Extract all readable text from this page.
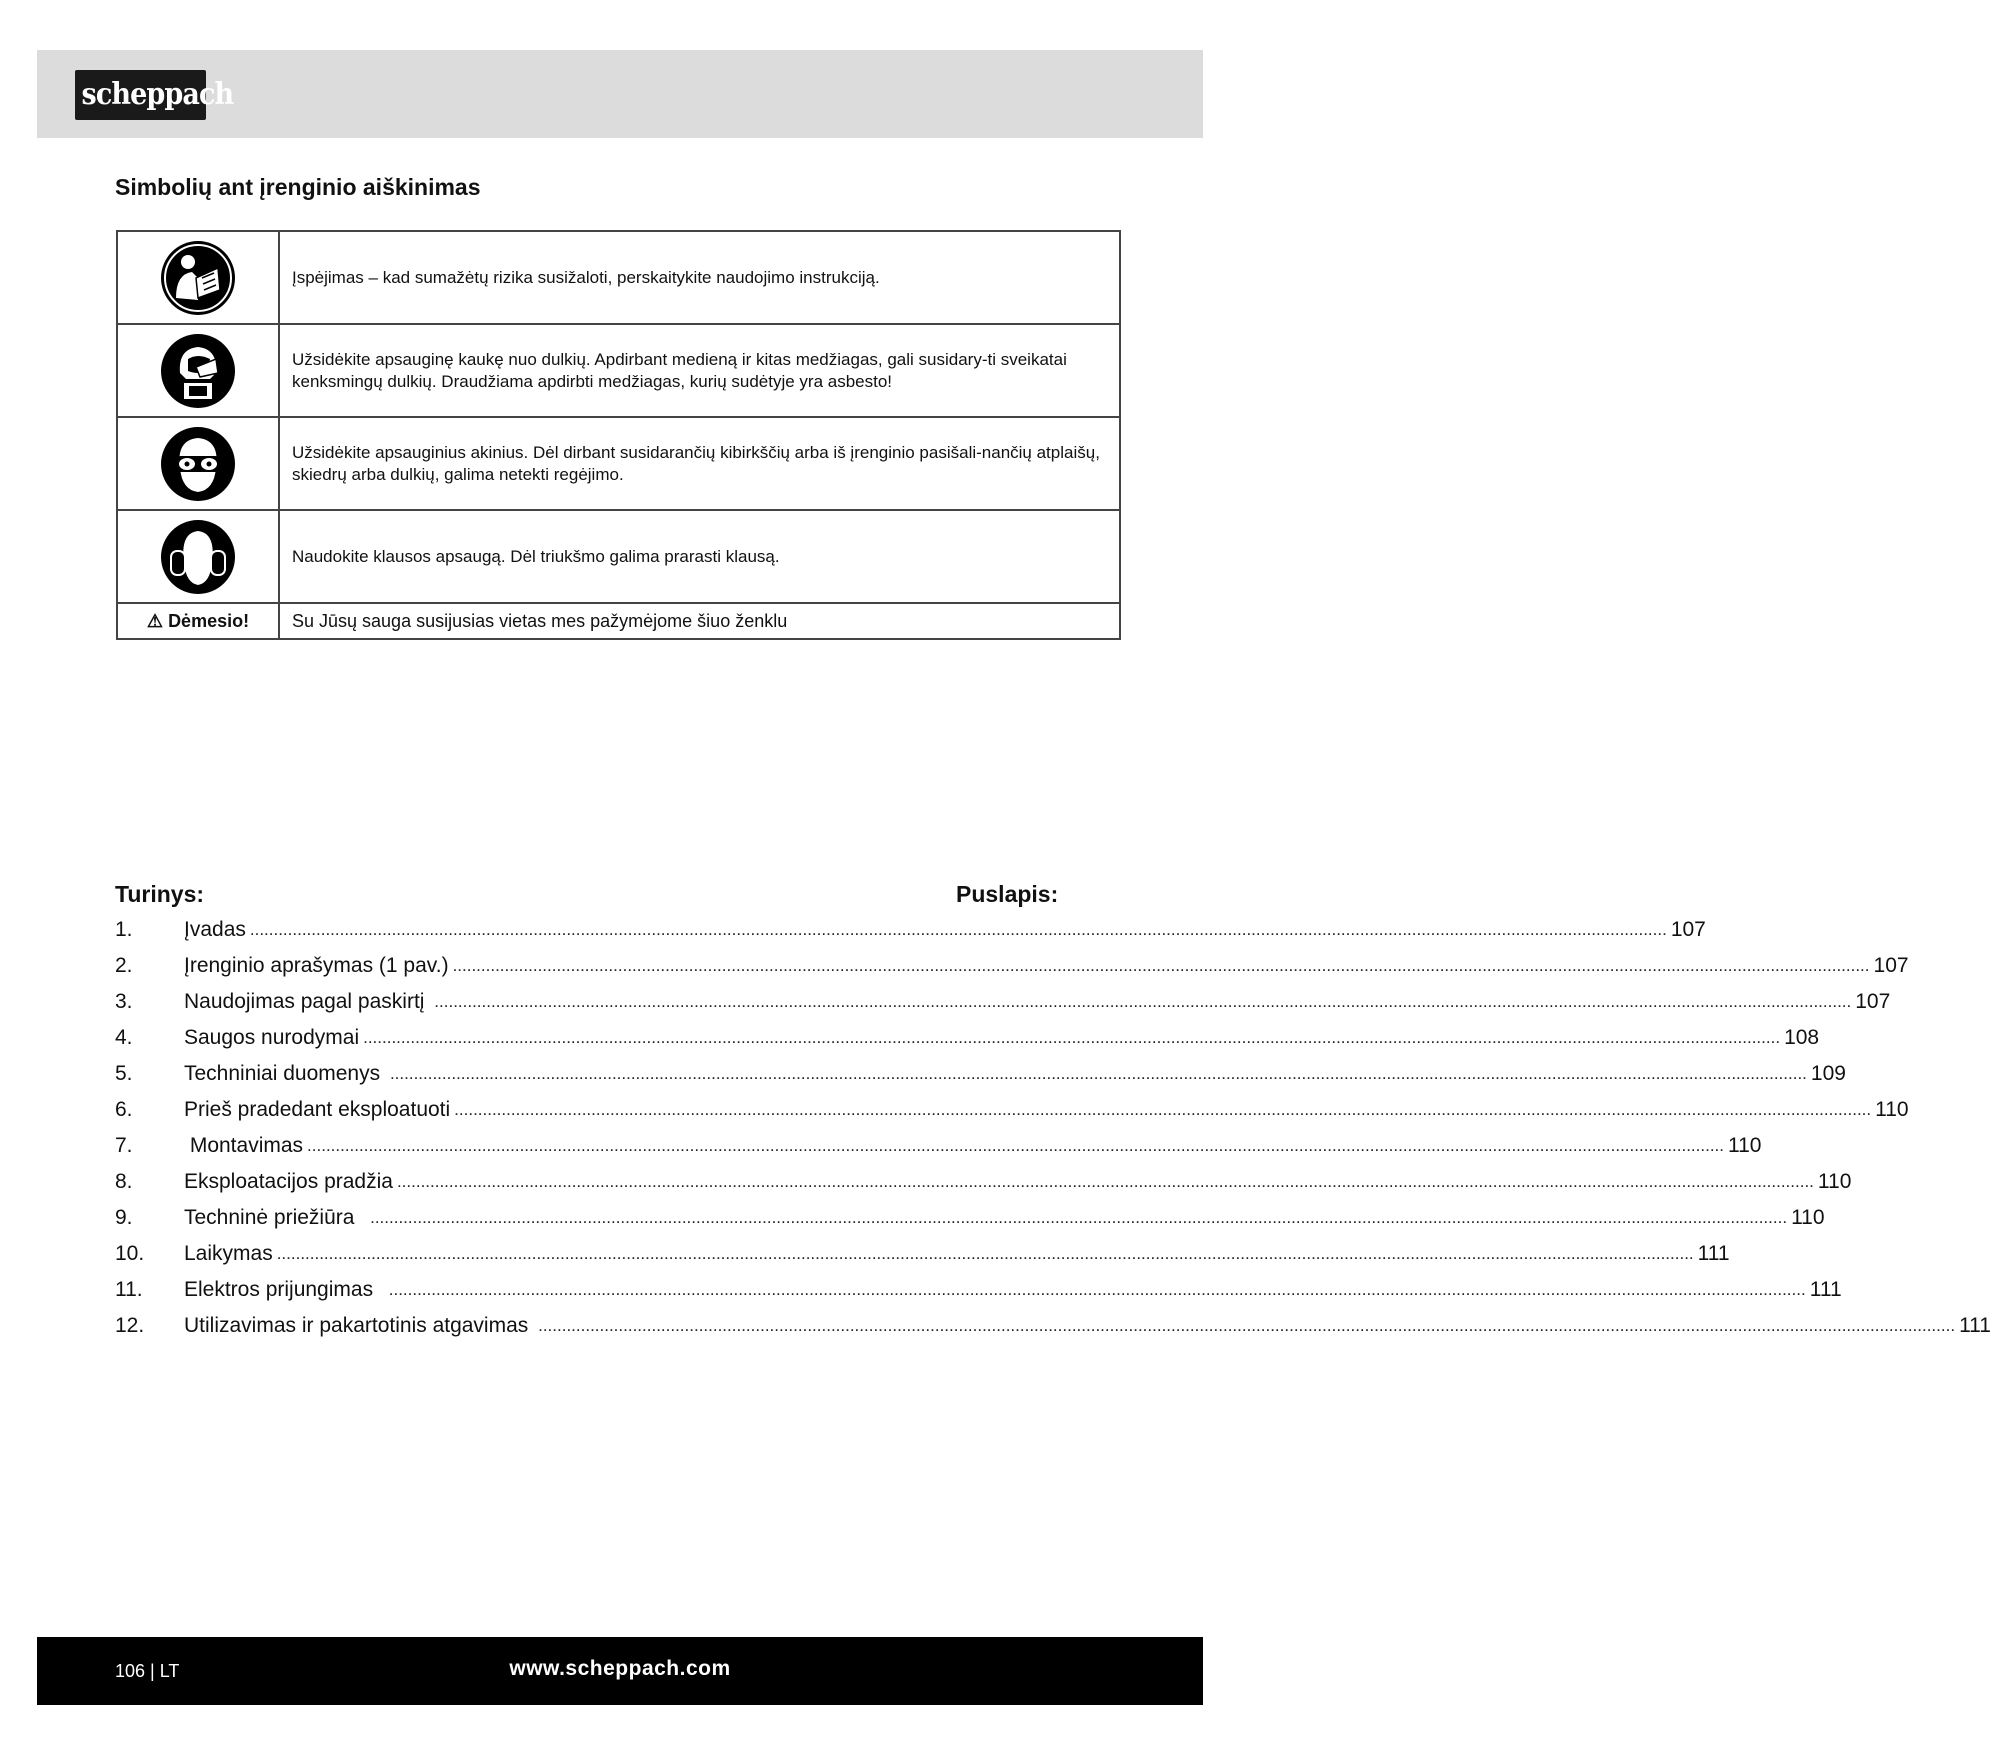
scheppach
Simbolių ant įrenginio aiškinimas
	Įspėjimas – kad sumažėtų rizika susižaloti, perskaitykite naudojimo instrukciją.
	Užsidėkite apsauginę kaukę nuo dulkių. Apdirbant medieną ir kitas medžiagas, gali susidary-ti sveikatai kenksmingų dulkių. Draudžiama apdirbti medžiagas, kurių sudėtyje yra asbesto!
	Užsidėkite apsauginius akinius. Dėl dirbant susidarančių kibirkščių arba iš įrenginio pasišali-nančių atplaišų, skiedrų arba dulkių, galima netekti regėjimo.
	Naudokite klausos apsaugą. Dėl triukšmo galima prarasti klausą.
⚠ Dėmesio!	Su Jūsų sauga susijusias vietas mes pažymėjome šiuo ženklu
Turinys:	Puslapis:
1.	Įvadas ............................................................................................................................................................................................................................................................................................................ 107
2.	Įrenginio aprašymas (1 pav.) ............................................................................................................................................................................................................................................................................................................ 107
3.	Naudojimas pagal paskirtį ............................................................................................................................................................................................................................................................................................................ 107
4.	Saugos nurodymai ............................................................................................................................................................................................................................................................................................................ 108
5.	Techniniai duomenys ............................................................................................................................................................................................................................................................................................................ 109
6.	Prieš pradedant eksploatuoti ............................................................................................................................................................................................................................................................................................................ 110
7.	Montavimas ............................................................................................................................................................................................................................................................................................................ 110
8.	Eksploatacijos pradžia ............................................................................................................................................................................................................................................................................................................ 110
9.	Techninė priežiūra ............................................................................................................................................................................................................................................................................................................ 110
10.	Laikymas ............................................................................................................................................................................................................................................................................................................ 111
11.	Elektros prijungimas ............................................................................................................................................................................................................................................................................................................ 111
12.	Utilizavimas ir pakartotinis atgavimas ............................................................................................................................................................................................................................................................................................................ 111
106 | LT	www.scheppach.com
